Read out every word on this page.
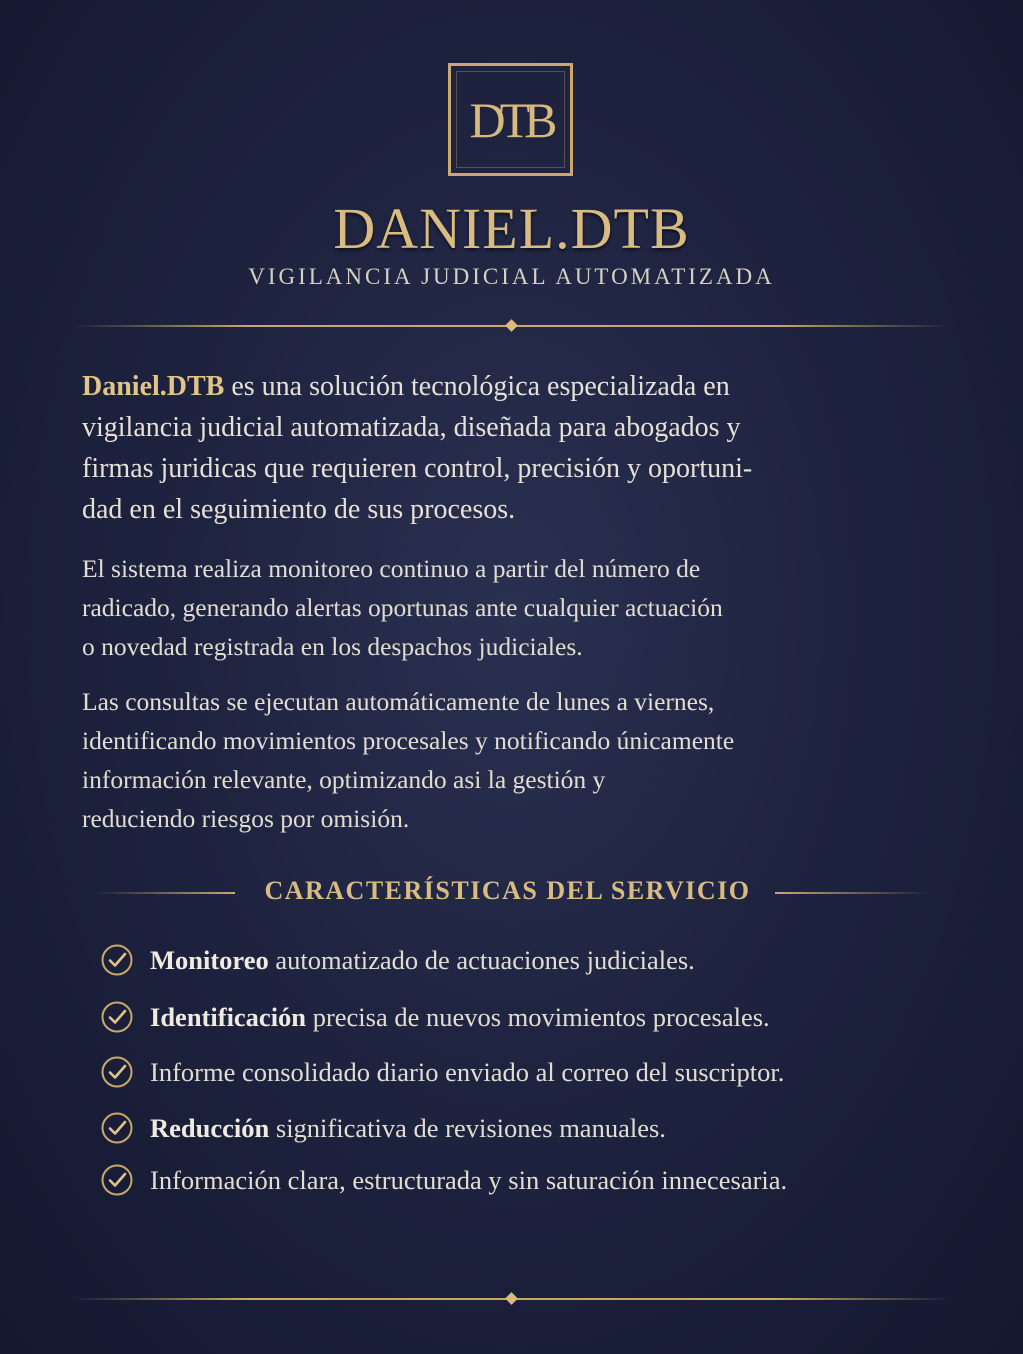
DTB
DANIEL.DTB
VIGILANCIA JUDICIAL AUTOMATIZADA

Daniel.DTB es una solución tecnológica especializada en
vigilancia judicial automatizada, diseñada para abogados y
firmas juridicas que requieren control, precisión y oportuni-
dad en el seguimiento de sus procesos.

El sistema realiza monitoreo continuo a partir del número de
radicado, generando alertas oportunas ante cualquier actuación
o novedad registrada en los despachos judiciales.

Las consultas se ejecutan automáticamente de lunes a viernes,
identificando movimientos procesales y notificando únicamente
información relevante, optimizando asi la gestión y
reduciendo riesgos por omisión.

CARACTERÍSTICAS DEL SERVICIO
Monitoreo automatizado de actuaciones judiciales.
Identificación precisa de nuevos movimientos procesales.
Informe consolidado diario enviado al correo del suscriptor.
Reducción significativa de revisiones manuales.
Información clara, estructurada y sin saturación innecesaria.
